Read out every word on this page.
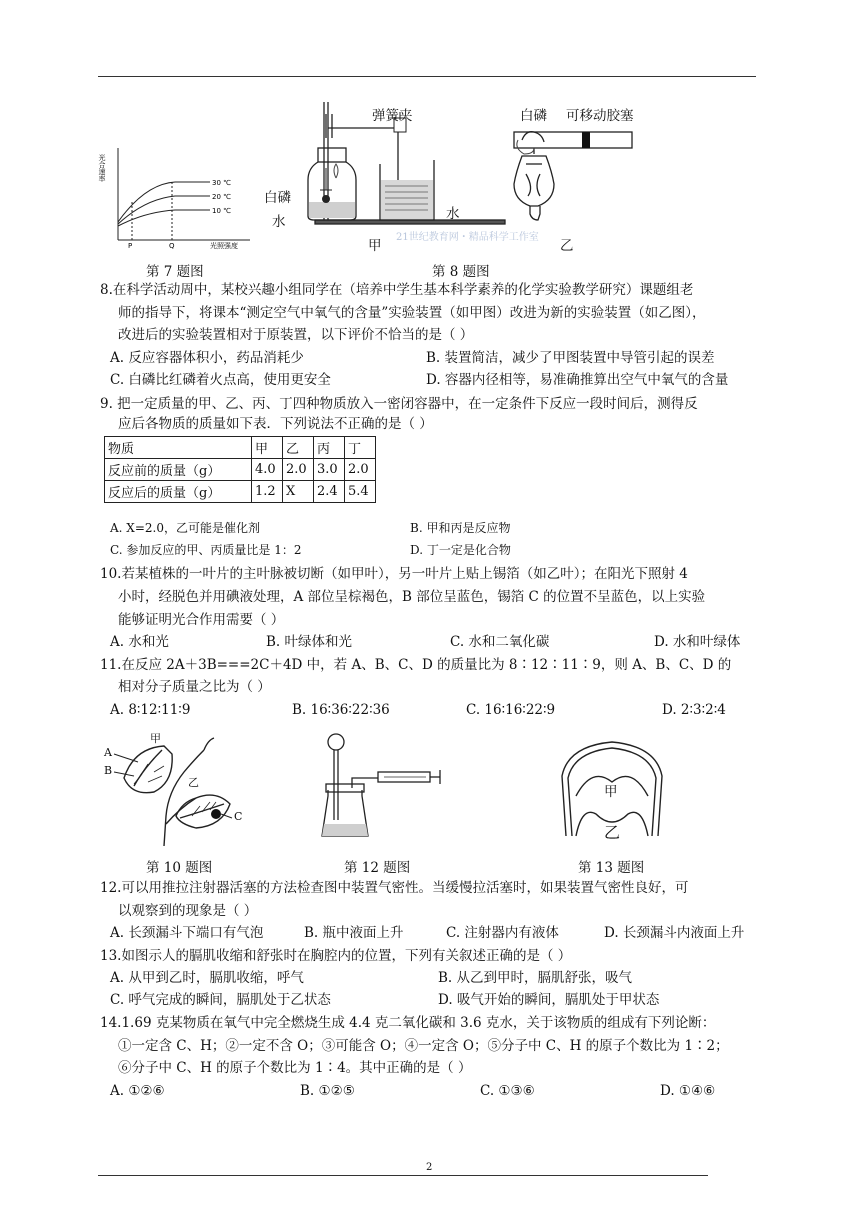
光合速率
30 ℃
20 ℃
10 ℃
P	Q	光照强度
第 7 题图
弹簧夹
白磷
水	水
甲
21世纪教育网・精品科学工作室
白磷 可移动胶塞
乙
第 8 题图
8.在科学活动周中，某校兴趣小组同学在（培养中学生基本科学素养的化学实验教学研究）课题组老
师的指导下，将课本“测定空气中氧气的含量”实验装置（如甲图）改进为新的实验装置（如乙图），
改进后的实验装置相对于原装置，以下评价不恰当的是（ ）
A. 反应容器体积小，药品消耗少	B. 装置简洁，减少了甲图装置中导管引起的误差
C. 白磷比红磷着火点高，使用更安全	D. 容器内径相等，易准确推算出空气中氧气的含量
9. 把一定质量的甲、乙、丙、丁四种物质放入一密闭容器中，在一定条件下反应一段时间后，测得反
应后各物质的质量如下表．下列说法不正确的是（ ）
物质	甲	乙	丙	丁
反应前的质量（g）	4.0	2.0	3.0	2.0
反应后的质量（g）	1.2	X	2.4	5.4
A. X=2.0，乙可能是催化剂	B. 甲和丙是反应物
C. 参加反应的甲、丙质量比是 1：2	D. 丁一定是化合物
10.若某植株的一叶片的主叶脉被切断（如甲叶），另一叶片上贴上锡箔（如乙叶）；在阳光下照射 4
小时，经脱色并用碘液处理，A 部位呈棕褐色，B 部位呈蓝色，锡箔 C 的位置不呈蓝色，以上实验
能够证明光合作用需要（ ）
A. 水和光	B. 叶绿体和光	C. 水和二氧化碳	D. 水和叶绿体
11.在反应 2A＋3B===2C＋4D 中，若 A、B、C、D 的质量比为 8∶12∶11∶9，则 A、B、C、D 的
相对分子质量之比为（ ）
A. 8∶12∶11∶9	B. 16∶36∶22∶36	C. 16∶16∶22∶9	D. 2∶3∶2∶4
甲
A
B
乙
C
第 10 题图	第 12 题图
甲
乙
第 13 题图
12.可以用推拉注射器活塞的方法检查图中装置气密性。当缓慢拉活塞时，如果装置气密性良好，可
以观察到的现象是（ ）
A. 长颈漏斗下端口有气泡	B. 瓶中液面上升	C. 注射器内有液体	D. 长颈漏斗内液面上升
13.如图示人的膈肌收缩和舒张时在胸腔内的位置，下列有关叙述正确的是（ ）
A. 从甲到乙时，膈肌收缩，呼气	B. 从乙到甲时，膈肌舒张，吸气
C. 呼气完成的瞬间，膈肌处于乙状态	D. 吸气开始的瞬间，膈肌处于甲状态
14.1.69 克某物质在氧气中完全燃烧生成 4.4 克二氧化碳和 3.6 克水，关于该物质的组成有下列论断：
①一定含 C、H；②一定不含 O；③可能含 O；④一定含 O；⑤分子中 C、H 的原子个数比为 1∶2；
⑥分子中 C、H 的原子个数比为 1∶4。其中正确的是（ ）
A. ①②⑥	B. ①②⑤	C. ①③⑥	D. ①④⑥
2
